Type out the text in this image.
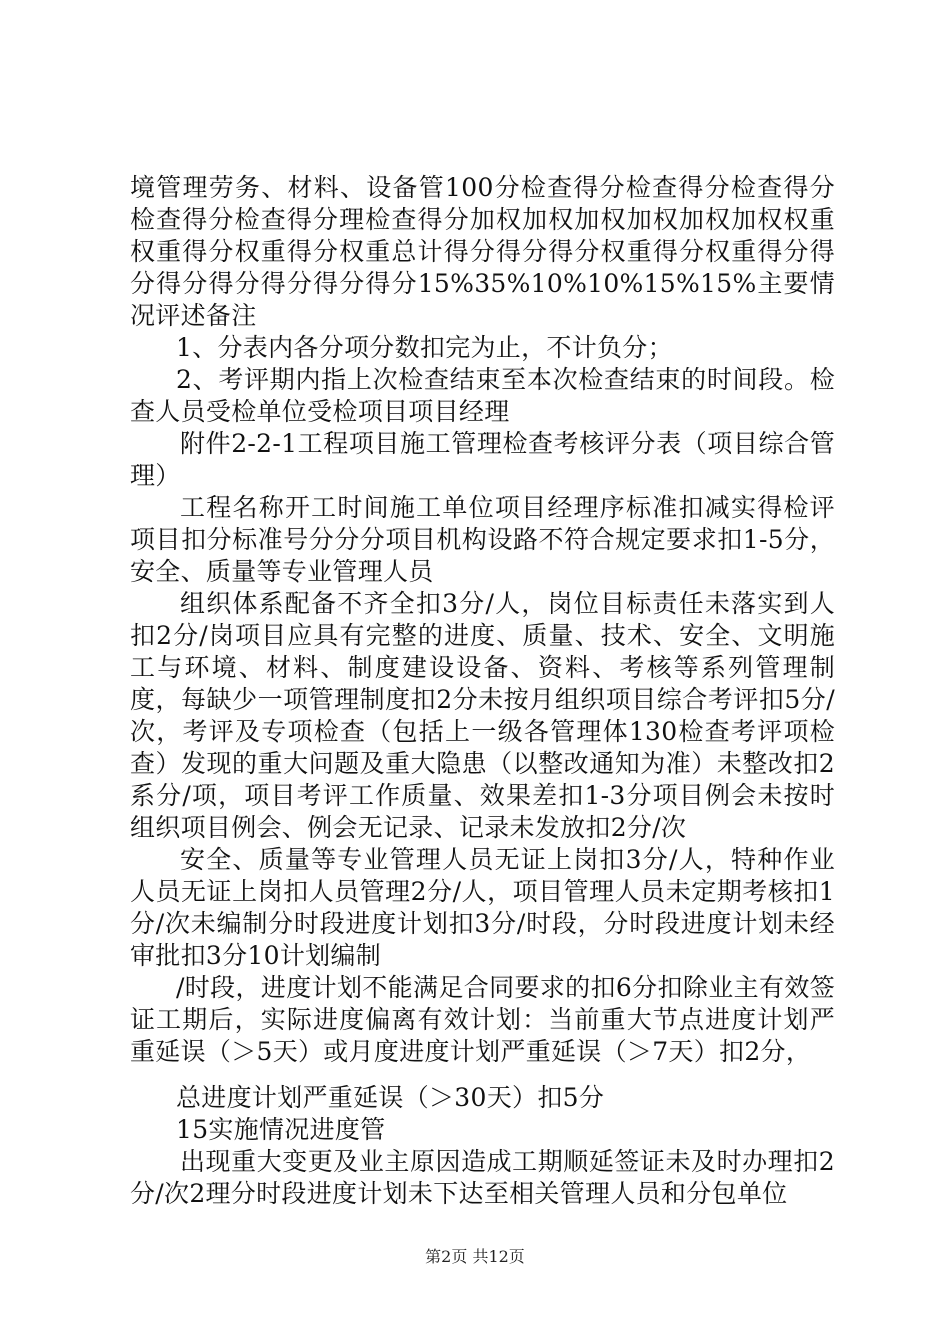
境管理劳务、材料、设备管100分检查得分检查得分检查得分检查得分检查得分理检查得分加权加权加权加权加权加权权重权重得分权重得分权重总计得分得分得分权重得分权重得分得分得分得分得分得分得分15%35%10%10%15%15%主要情况评述备注

1、分表内各分项分数扣完为止，不计负分；

2、考评期内指上次检查结束至本次检查结束的时间段。检查人员受检单位受检项目项目经理

附件2-2-1工程项目施工管理检查考核评分表（项目综合管理）

工程名称开工时间施工单位项目经理序标准扣减实得检评项目扣分标准号分分分项目机构设路不符合规定要求扣1-5分，安全、质量等专业管理人员

组织体系配备不齐全扣3分/人，岗位目标责任未落实到人扣2分/岗项目应具有完整的进度、质量、技术、安全、文明施工与环境、材料、制度建设设备、资料、考核等系列管理制度，每缺少一项管理制度扣2分未按月组织项目综合考评扣5分/次，考评及专项检查（包括上一级各管理体130检查考评项检查）发现的重大问题及重大隐患（以整改通知为准）未整改扣2系分/项，项目考评工作质量、效果差扣1-3分项目例会未按时组织项目例会、例会无记录、记录未发放扣2分/次

安全、质量等专业管理人员无证上岗扣3分/人，特种作业人员无证上岗扣人员管理2分/人，项目管理人员未定期考核扣1分/次未编制分时段进度计划扣3分/时段，分时段进度计划未经审批扣3分10计划编制

/时段，进度计划不能满足合同要求的扣6分扣除业主有效签证工期后，实际进度偏离有效计划：当前重大节点进度计划严重延误（＞5天）或月度进度计划严重延误（＞7天）扣2分，

总进度计划严重延误（＞30天）扣5分

15实施情况进度管

出现重大变更及业主原因造成工期顺延签证未及时办理扣2分/次2理分时段进度计划未下达至相关管理人员和分包单位

第2页 共12页
